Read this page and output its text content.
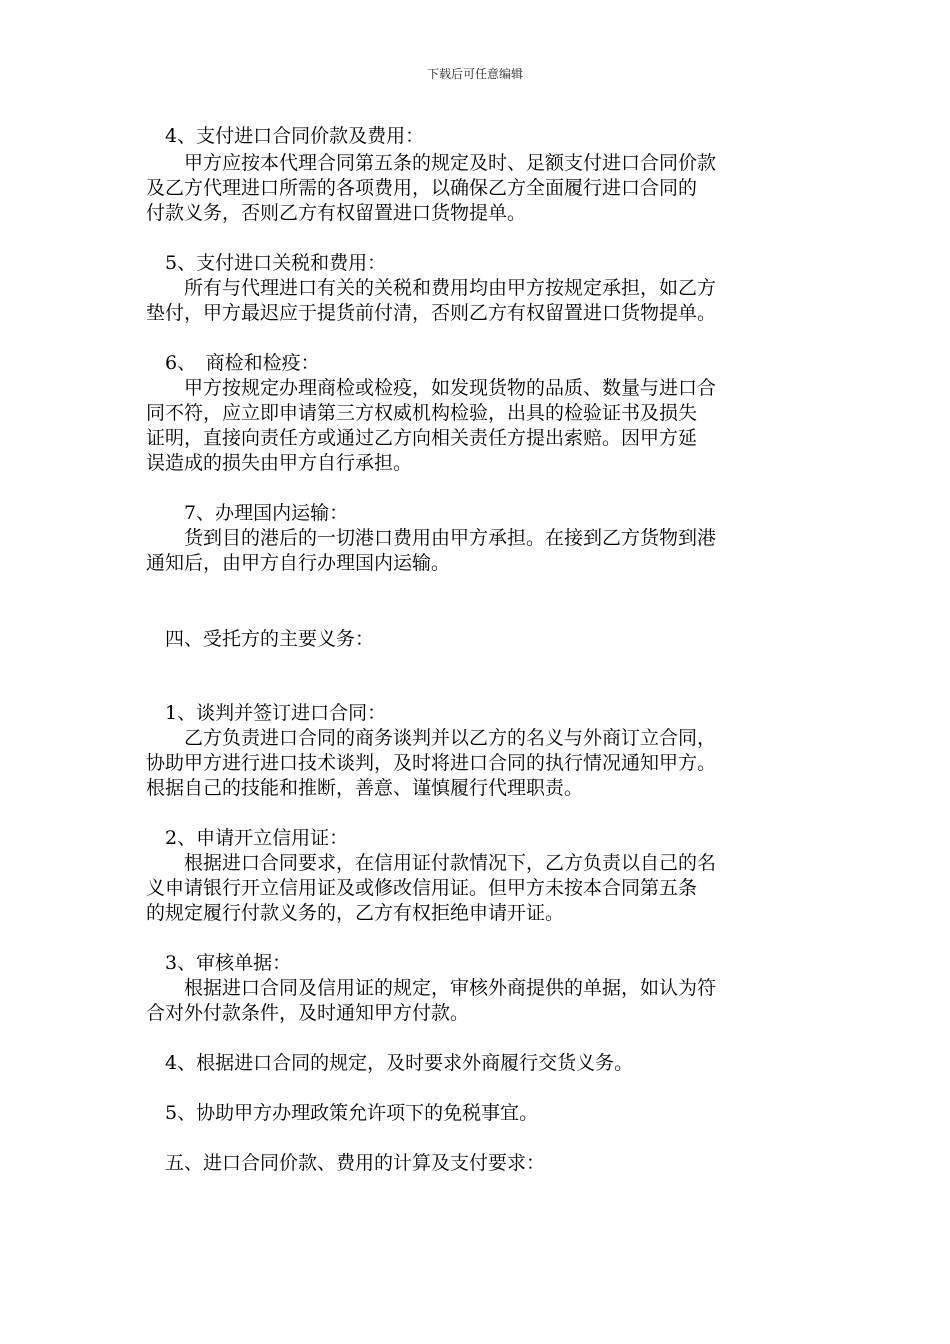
下载后可任意编辑
　4、支付进口合同价款及费用：
　　甲方应按本代理合同第五条的规定及时、足额支付进口合同价款
及乙方代理进口所需的各项费用，以确保乙方全面履行进口合同的
付款义务，否则乙方有权留置进口货物提单。
　5、支付进口关税和费用：
　　所有与代理进口有关的关税和费用均由甲方按规定承担，如乙方
垫付，甲方最迟应于提货前付清，否则乙方有权留置进口货物提单。
　6、　商检和检疫：
　　甲方按规定办理商检或检疫，如发现货物的品质、数量与进口合
同不符，应立即申请第三方权威机构检验，出具的检验证书及损失
证明，直接向责任方或通过乙方向相关责任方提出索赔。因甲方延
误造成的损失由甲方自行承担。
　　7、办理国内运输：
　　货到目的港后的一切港口费用由甲方承担。在接到乙方货物到港
通知后，由甲方自行办理国内运输。
　四、受托方的主要义务：
　1、谈判并签订进口合同：
　　乙方负责进口合同的商务谈判并以乙方的名义与外商订立合同，
协助甲方进行进口技术谈判，及时将进口合同的执行情况通知甲方。
根据自己的技能和推断，善意、谨慎履行代理职责。
　2、申请开立信用证：
　　根据进口合同要求，在信用证付款情况下，乙方负责以自己的名
义申请银行开立信用证及或修改信用证。但甲方未按本合同第五条
的规定履行付款义务的，乙方有权拒绝申请开证。
　3、审核单据：
　　根据进口合同及信用证的规定，审核外商提供的单据，如认为符
合对外付款条件，及时通知甲方付款。
　4、根据进口合同的规定，及时要求外商履行交货义务。
　5、协助甲方办理政策允许项下的免税事宜。
　五、进口合同价款、费用的计算及支付要求：
